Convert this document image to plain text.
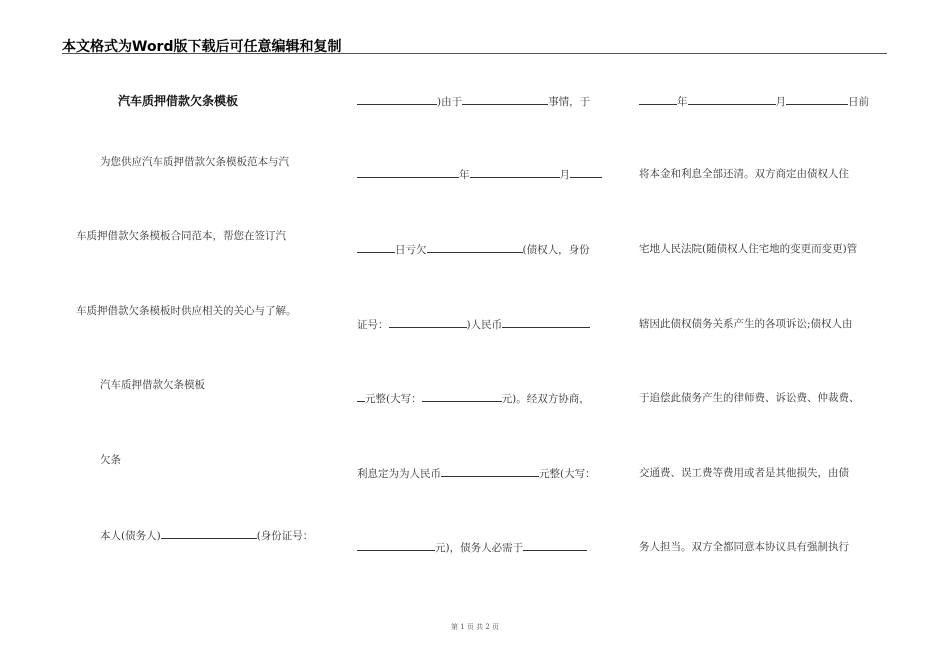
本文格式为Word版下载后可任意编辑和复制
汽车质押借款欠条模板
为您供应汽车质押借款欠条模板范本与汽
车质押借款欠条模板合同范本，帮您在签订汽
车质押借款欠条模板时供应相关的关心与了解。
汽车质押借款欠条模板
欠条
本人(债务人)	(身份证号：
)由于	事情，于
年	月
日亏欠	(债权人，身份
证号：	)人民币
元整(大写：	元)。经双方协商，
利息定为为人民币	元整(大写：
元)，债务人必需于
年	月	日前
将本金和利息全部还清。双方商定由债权人住
宅地人民法院(随债权人住宅地的变更而变更)管
辖因此债权债务关系产生的各项诉讼;债权人由
于追偿此债务产生的律师费、诉讼费、仲裁费、
交通费、误工费等费用或者是其他损失，由债
务人担当。双方全都同意本协议具有强制执行
第 1 页 共 2 页
